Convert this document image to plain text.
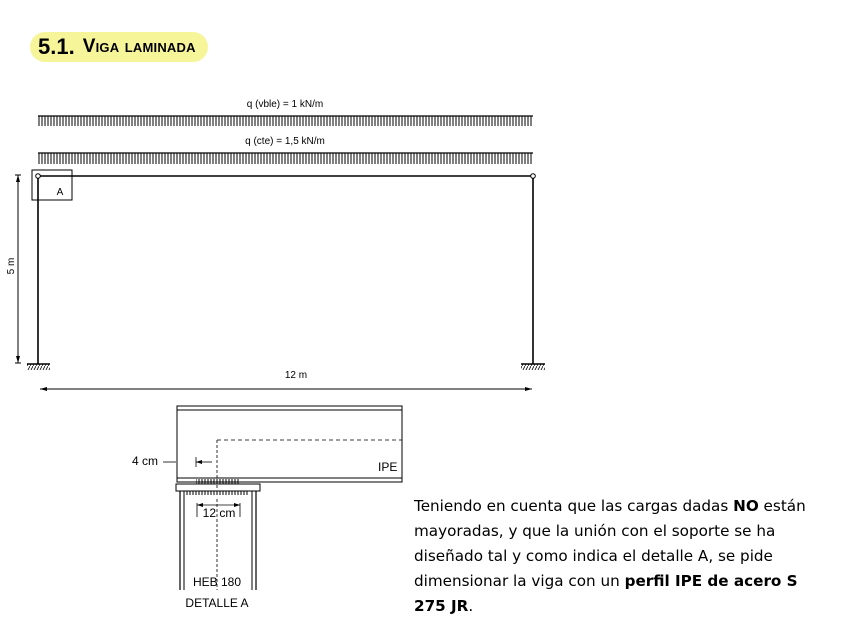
5.1. Viga laminada
q (vble) = 1 kN/m
q (cte) = 1,5 kN/m
A
5 m
12 m
4 cm	IPE
12 cm
HEB 180
DETALLE A
Teniendo en cuenta que las cargas dadas NO están mayoradas, y que la unión con el soporte se ha diseñado tal y como indica el detalle A, se pide dimensionar la viga con un perfil IPE de acero S 275 JR.
